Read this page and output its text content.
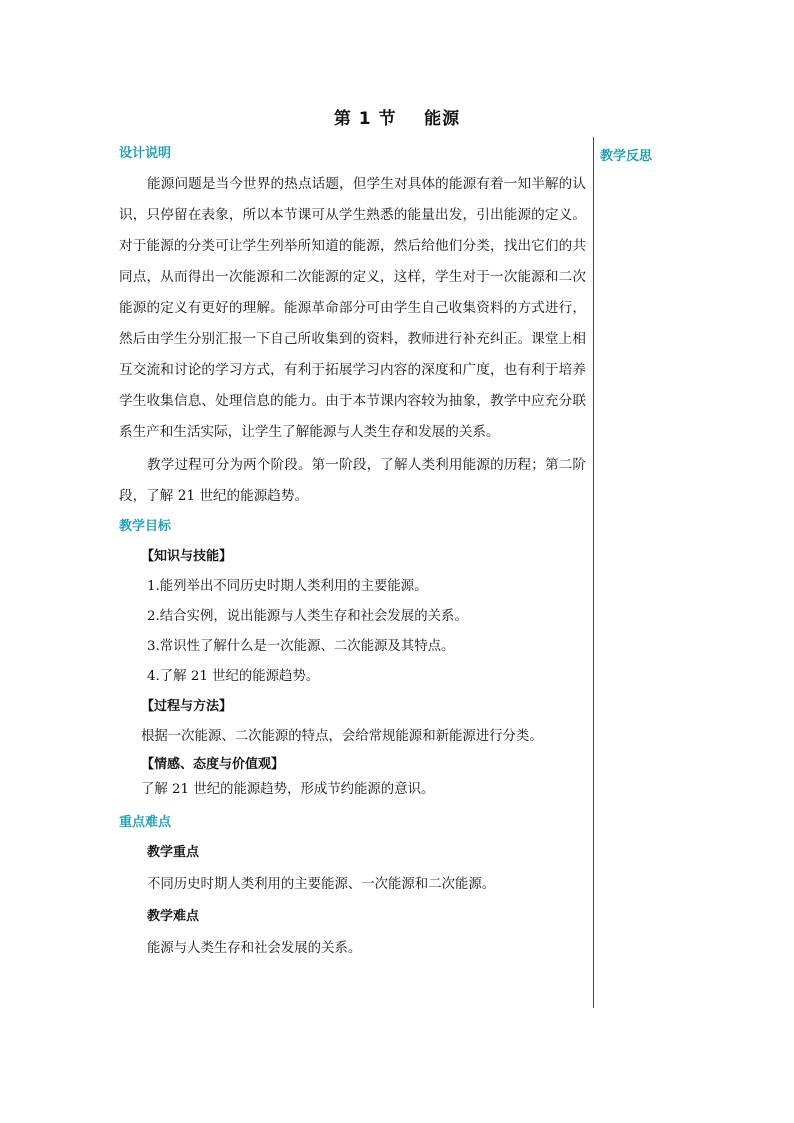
第 1 节    能源
教学反思
设计说明

能源问题是当今世界的热点话题，但学生对具体的能源有着一知半解的认识，只停留在表象，所以本节课可从学生熟悉的能量出发，引出能源的定义。对于能源的分类可让学生列举所知道的能源，然后给他们分类，找出它们的共同点，从而得出一次能源和二次能源的定义，这样，学生对于一次能源和二次能源的定义有更好的理解。能源革命部分可由学生自己收集资料的方式进行，然后由学生分别汇报一下自己所收集到的资料，教师进行补充纠正。课堂上相互交流和讨论的学习方式，有利于拓展学习内容的深度和广度，也有利于培养学生收集信息、处理信息的能力。由于本节课内容较为抽象，教学中应充分联系生产和生活实际，让学生了解能源与人类生存和发展的关系。

教学过程可分为两个阶段。第一阶段，了解人类利用能源的历程；第二阶段，了解 21 世纪的能源趋势。

教学目标
【知识与技能】
1.能列举出不同历史时期人类利用的主要能源。
2.结合实例，说出能源与人类生存和社会发展的关系。
3.常识性了解什么是一次能源、二次能源及其特点。
4.了解 21 世纪的能源趋势。
【过程与方法】
根据一次能源、二次能源的特点，会给常规能源和新能源进行分类。
【情感、态度与价值观】
了解 21 世纪的能源趋势，形成节约能源的意识。
重点难点
教学重点
不同历史时期人类利用的主要能源、一次能源和二次能源。
教学难点
能源与人类生存和社会发展的关系。
